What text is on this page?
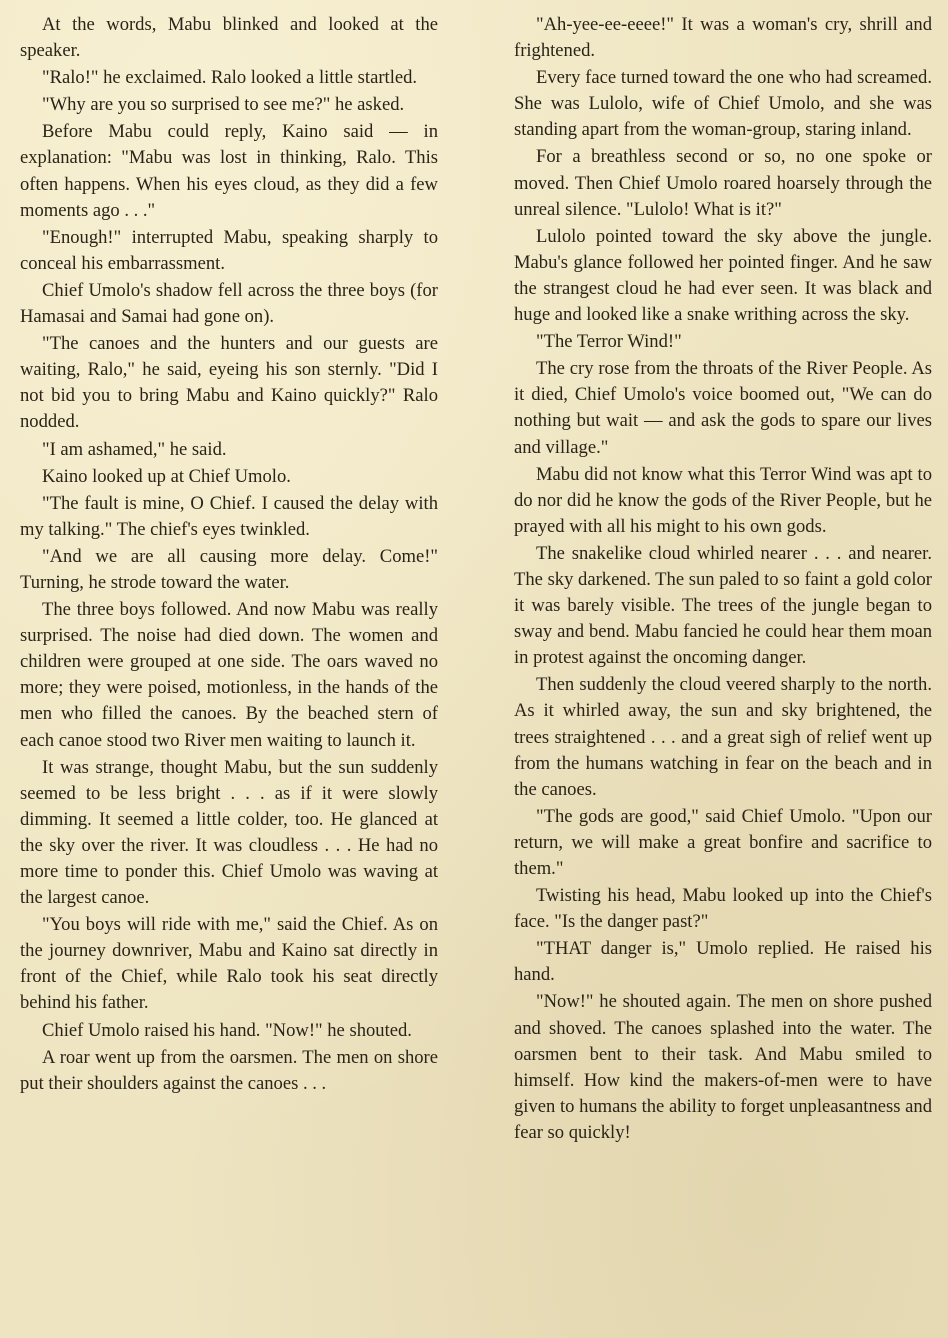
At the words, Mabu blinked and looked at the speaker.

"Ralo!" he exclaimed. Ralo looked a little startled.

"Why are you so surprised to see me?" he asked.

Before Mabu could reply, Kaino said — in explanation: "Mabu was lost in thinking, Ralo. This often happens. When his eyes cloud, as they did a few moments ago . . ."

"Enough!" interrupted Mabu, speaking sharply to conceal his embarrassment.

Chief Umolo's shadow fell across the three boys (for Hamasai and Samai had gone on).

"The canoes and the hunters and our guests are waiting, Ralo," he said, eyeing his son sternly. "Did I not bid you to bring Mabu and Kaino quickly?" Ralo nodded.

"I am ashamed," he said.

Kaino looked up at Chief Umolo.

"The fault is mine, O Chief. I caused the delay with my talking." The chief's eyes twinkled.

"And we are all causing more delay. Come!" Turning, he strode toward the water.

The three boys followed. And now Mabu was really surprised. The noise had died down. The women and children were grouped at one side. The oars waved no more; they were poised, motionless, in the hands of the men who filled the canoes. By the beached stern of each canoe stood two River men waiting to launch it.

It was strange, thought Mabu, but the sun suddenly seemed to be less bright . . . as if it were slowly dimming. It seemed a little colder, too. He glanced at the sky over the river. It was cloudless . . . He had no more time to ponder this. Chief Umolo was waving at the largest canoe.

"You boys will ride with me," said the Chief. As on the journey downriver, Mabu and Kaino sat directly in front of the Chief, while Ralo took his seat directly behind his father.

Chief Umolo raised his hand. "Now!" he shouted.

A roar went up from the oarsmen. The men on shore put their shoulders against the canoes . . .

"Ah-yee-ee-eeee!" It was a woman's cry, shrill and frightened.

Every face turned toward the one who had screamed. She was Lulolo, wife of Chief Umolo, and she was standing apart from the woman-group, staring inland.

For a breathless second or so, no one spoke or moved. Then Chief Umolo roared hoarsely through the unreal silence. "Lulolo! What is it?"

Lulolo pointed toward the sky above the jungle. Mabu's glance followed her pointed finger. And he saw the strangest cloud he had ever seen. It was black and huge and looked like a snake writhing across the sky.

"The Terror Wind!"

The cry rose from the throats of the River People. As it died, Chief Umolo's voice boomed out, "We can do nothing but wait — and ask the gods to spare our lives and village."

Mabu did not know what this Terror Wind was apt to do nor did he know the gods of the River People, but he prayed with all his might to his own gods.

The snakelike cloud whirled nearer . . . and nearer. The sky darkened. The sun paled to so faint a gold color it was barely visible. The trees of the jungle began to sway and bend. Mabu fancied he could hear them moan in protest against the oncoming danger.

Then suddenly the cloud veered sharply to the north. As it whirled away, the sun and sky brightened, the trees straightened . . . and a great sigh of relief went up from the humans watching in fear on the beach and in the canoes.

"The gods are good," said Chief Umolo. "Upon our return, we will make a great bonfire and sacrifice to them."

Twisting his head, Mabu looked up into the Chief's face. "Is the danger past?"

"THAT danger is," Umolo replied. He raised his hand.

"Now!" he shouted again. The men on shore pushed and shoved. The canoes splashed into the water. The oarsmen bent to their task. And Mabu smiled to himself. How kind the makers-of-men were to have given to humans the ability to forget unpleasantness and fear so quickly!
